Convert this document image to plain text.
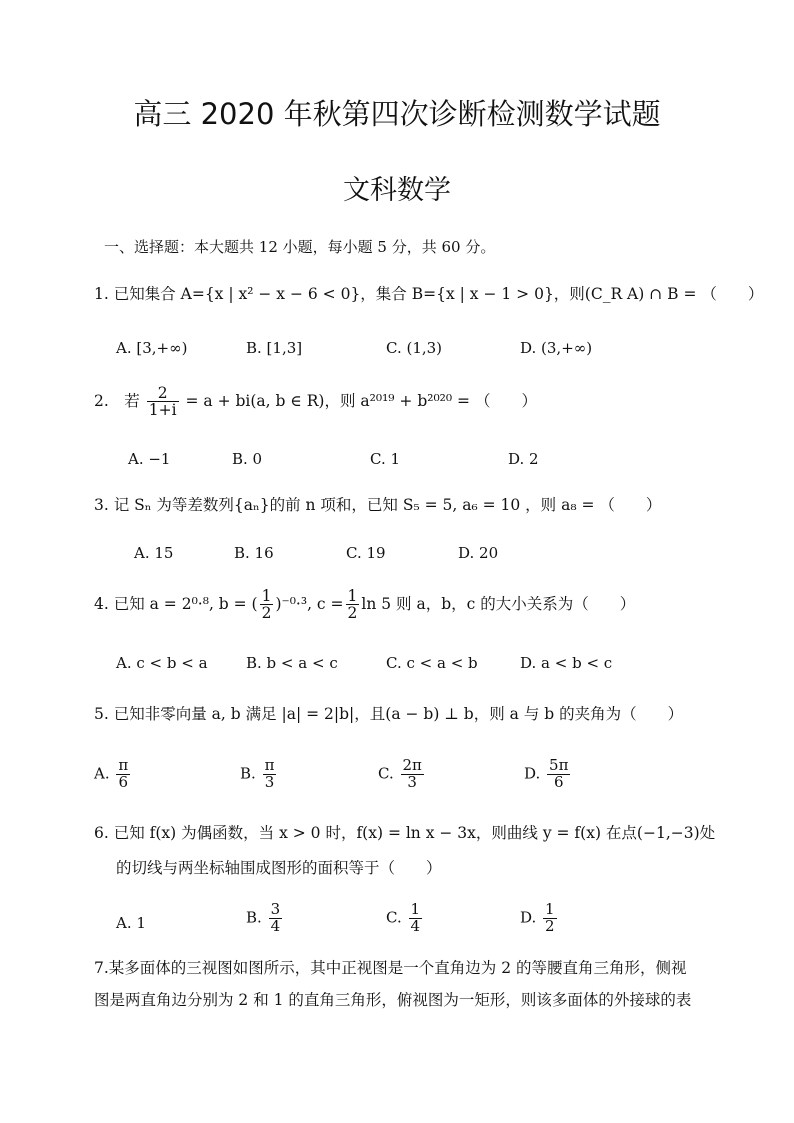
高三 2020 年秋第四次诊断检测数学试题
文科数学
一、选择题：本大题共 12 小题，每小题 5 分，共 60 分。
1. 已知集合 A={x | x² − x − 6 < 0}，集合 B={x | x − 1 > 0}，则(C_R A) ∩ B = （　　）
A. [3,+∞)	B. [1,3]	C. (1,3)	D. (3,+∞)
2.　若 $\frac{2}{1+i} = a + bi(a$, b ∈ R)，则 a²⁰¹⁹ + b²⁰²⁰ = （　　）
A. −1	B. 0	C. 1	D. 2
3. 记 Sₙ 为等差数列{aₙ}的前 n 项和，已知 S₅ = 5, a₆ = 10 ，则 a₈ = （　　）
A. 15	B. 16	C. 19	D. 20
4. 已知 a = 2⁰·⁸, b = ( $\frac{1}{2} )^{-0}\cdot^3$, $c = \frac{1}{2}$ ln 5 则 a，b，c 的大小关系为（　　）
A. c < b < a	B. b < a < c	C. c < a < b	D. a < b < c
5. 已知非零向量 a, b 满足 |a| = 2|b|，且(a − b) ⊥ b，则 a 与 b 的夹角为（　　）
A. $\frac{\pi}{6}$	B. $\frac{\pi}{3}$	C. $\frac{2\pi}{3}$	D. $\frac{5\pi}{6}$
6. 已知 f(x) 为偶函数，当 x > 0 时，f(x) = ln x − 3x，则曲线 y = f(x) 在点(−1,−3)处
的切线与两坐标轴围成图形的面积等于（　　）
A. 1	B. $\frac{3}{4}$	C. $\frac{1}{4}$	D. $\frac{1}{2}$
7.某多面体的三视图如图所示，其中正视图是一个直角边为 2 的等腰直角三角形，侧视
图是两直角边分别为 2 和 1 的直角三角形，俯视图为一矩形，则该多面体的外接球的表
